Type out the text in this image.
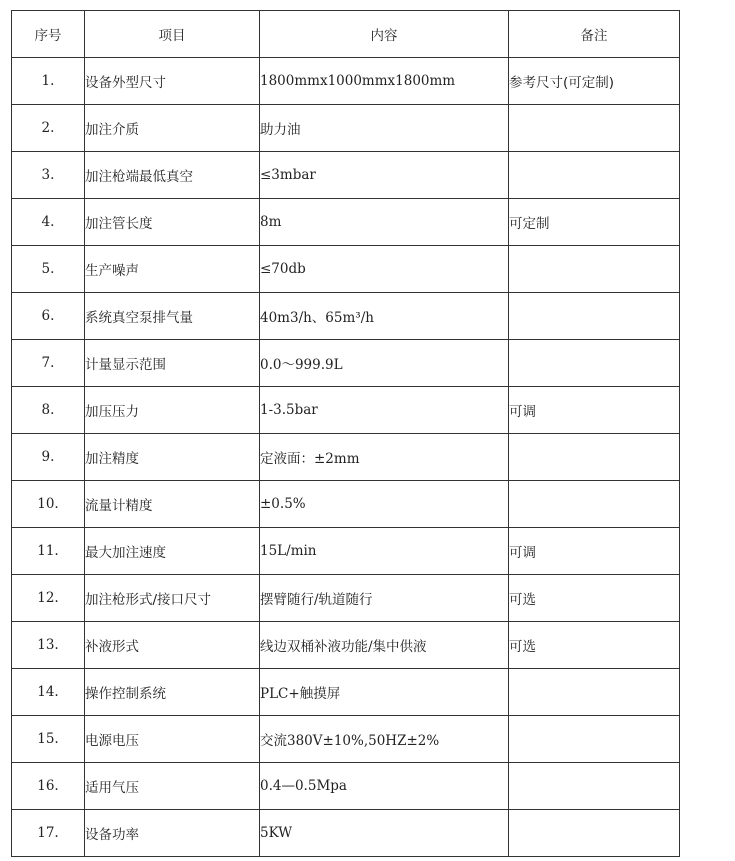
序号	项目	内容	备注
1.	设备外型尺寸	1800mmx1000mmx1800mm	参考尺寸(可定制)
2.	加注介质	助力油	
3.	加注枪端最低真空	≤3mbar	
4.	加注管长度	8m	可定制
5.	生产噪声	≤70db	
6.	系统真空泵排气量	40m3/h、65m³/h	
7.	计量显示范围	0.0～999.9L	
8.	加压压力	1-3.5bar	可调
9.	加注精度	定液面：±2mm	
10.	流量计精度	±0.5%	
11.	最大加注速度	15L/min	可调
12.	加注枪形式/接口尺寸	摆臂随行/轨道随行	可选
13.	补液形式	线边双桶补液功能/集中供液	可选
14.	操作控制系统	PLC+触摸屏	
15.	电源电压	交流380V±10%,50HZ±2%	
16.	适用气压	0.4—0.5Mpa	
17.	设备功率	5KW	
